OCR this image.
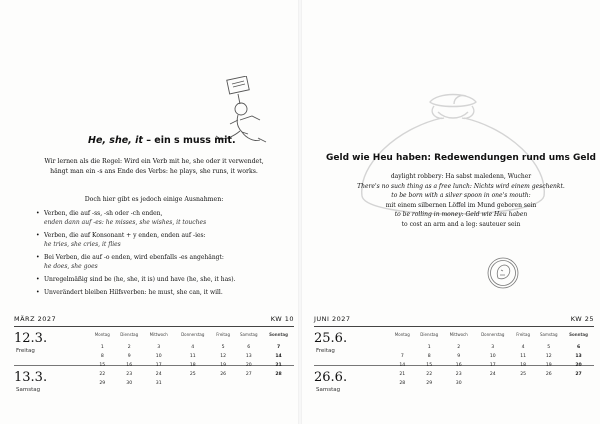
He, she, it – ein s muss mit.
Wir lernen als die Regel: Wird ein Verb mit he, she oder it verwendet,
hängt man ein -s ans Ende des Verbs: he plays, she runs, it works.
Doch hier gibt es jedoch einige Ausnahmen:
• Verben, die auf -ss, -sh oder -ch enden,
enden dann auf -es: he misses, she wishes, it touches
• Verben, die auf Konsonant + y enden, enden auf -ies:
he tries, she cries, it flies
• Bei Verben, die auf -o enden, wird ebenfalls -es angehängt:
he does, she goes
• Unregelmäßig sind be (he, she, it is) und have (he, she, it has).
• Unverändert bleiben Hilfsverben: he must, she can, it will.
MÄRZ 2027	KW 10
12.3.
Freitag
13.3.
Samstag
Montag	Dienstag	Mittwoch	Donnerstag	Freitag	Samstag	Sonntag
1	2	3	4	5	6	7
8	9	10	11	12	13	14
15	16	17	18	19	20	21
22	23	24	25	26	27	28
29	30	31				
Geld wie Heu haben: Redewendungen rund ums Geld
daylight robbery: Ha sabst maledenn, Wucher
There's no such thing as a free lunch: Nichts wird einem geschenkt.
to be born with a silver spoon in one's mouth:
mit einem silbernen Löffel im Mund geboren sein
to be rolling in money: Geld wie Heu haben
to cost an arm and a leg: sauteuer sein
JUNI 2027	KW 25
25.6.
Freitag
26.6.
Samstag
Montag	Dienstag	Mittwoch	Donnerstag	Freitag	Samstag	Sonntag
	1	2	3	4	5	6
7	8	9	10	11	12	13
14	15	16	17	18	19	20
21	22	23	24	25	26	27
28	29	30				
